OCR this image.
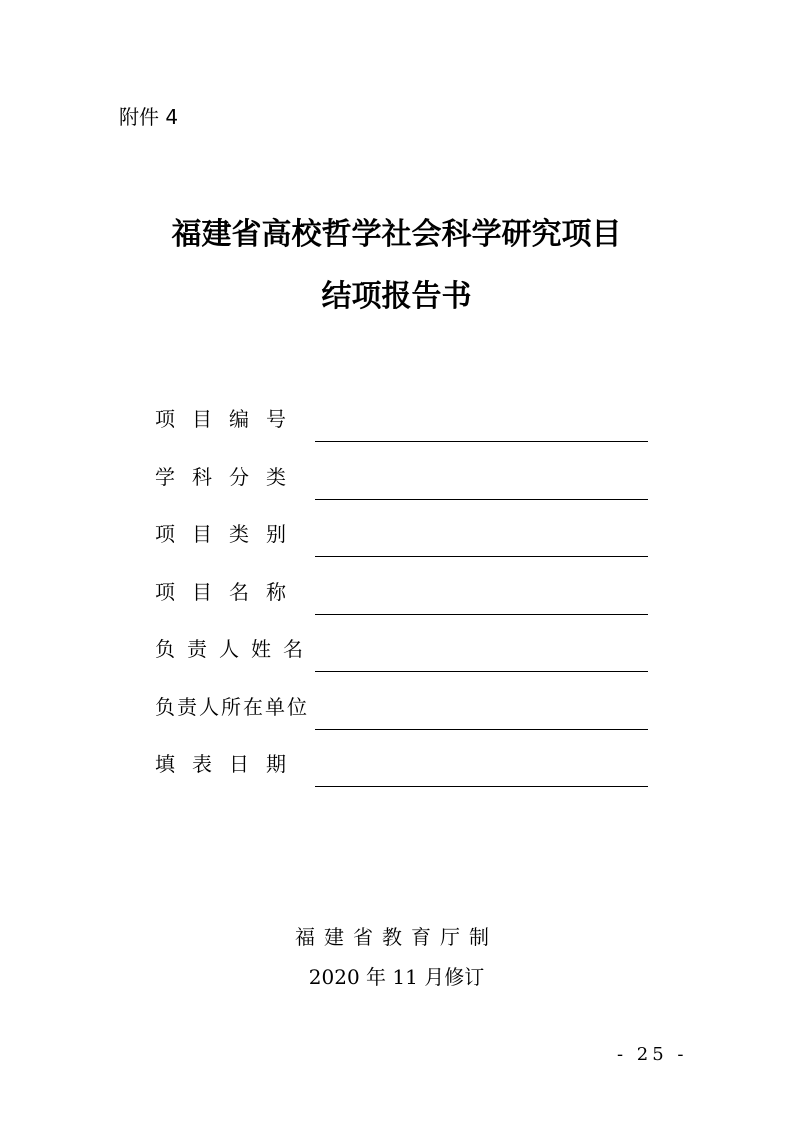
附件 4
福建省高校哲学社会科学研究项目
结项报告书
项目编号
学科分类
项目类别
项目名称
负责人姓名
负责人所在单位
填表日期
福建省教育厅制
2020 年 11 月修订
- 25 -
